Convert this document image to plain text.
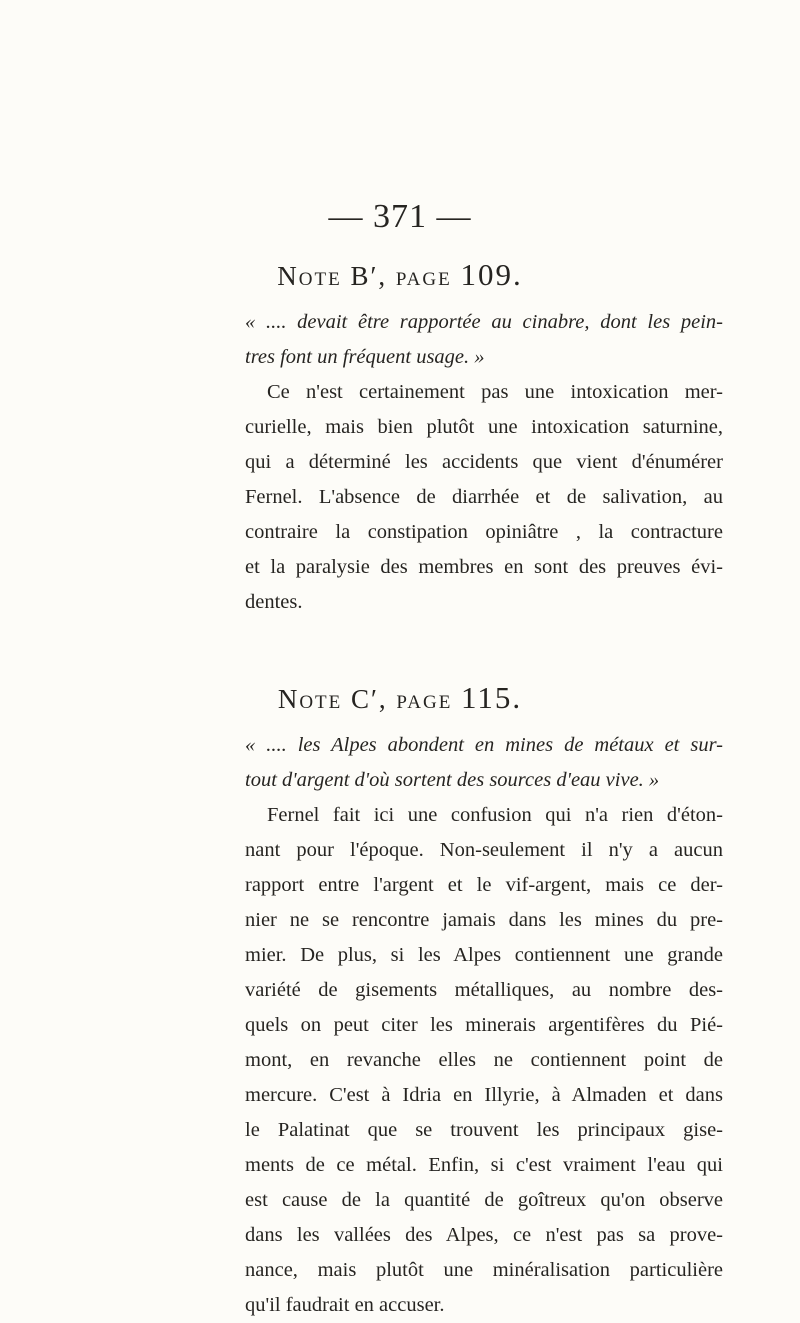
— 371 —
Note B′, page 109.
« .... devait être rapportée au cinabre, dont les pein-
tres font un fréquent usage. »
Ce n'est certainement pas une intoxication mer-
curielle, mais bien plutôt une intoxication saturnine,
qui a déterminé les accidents que vient d'énumérer
Fernel. L'absence de diarrhée et de salivation, au
contraire la constipation opiniâtre , la contracture
et la paralysie des membres en sont des preuves évi-
dentes.
Note C′, page 115.
« .... les Alpes abondent en mines de métaux et sur-
tout d'argent d'où sortent des sources d'eau vive. »
Fernel fait ici une confusion qui n'a rien d'éton-
nant pour l'époque. Non-seulement il n'y a aucun
rapport entre l'argent et le vif-argent, mais ce der-
nier ne se rencontre jamais dans les mines du pre-
mier. De plus, si les Alpes contiennent une grande
variété de gisements métalliques, au nombre des-
quels on peut citer les minerais argentifères du Pié-
mont, en revanche elles ne contiennent point de
mercure. C'est à Idria en Illyrie, à Almaden et dans
le Palatinat que se trouvent les principaux gise-
ments de ce métal. Enfin, si c'est vraiment l'eau qui
est cause de la quantité de goîtreux qu'on observe
dans les vallées des Alpes, ce n'est pas sa prove-
nance, mais plutôt une minéralisation particulière
qu'il faudrait en accuser.
